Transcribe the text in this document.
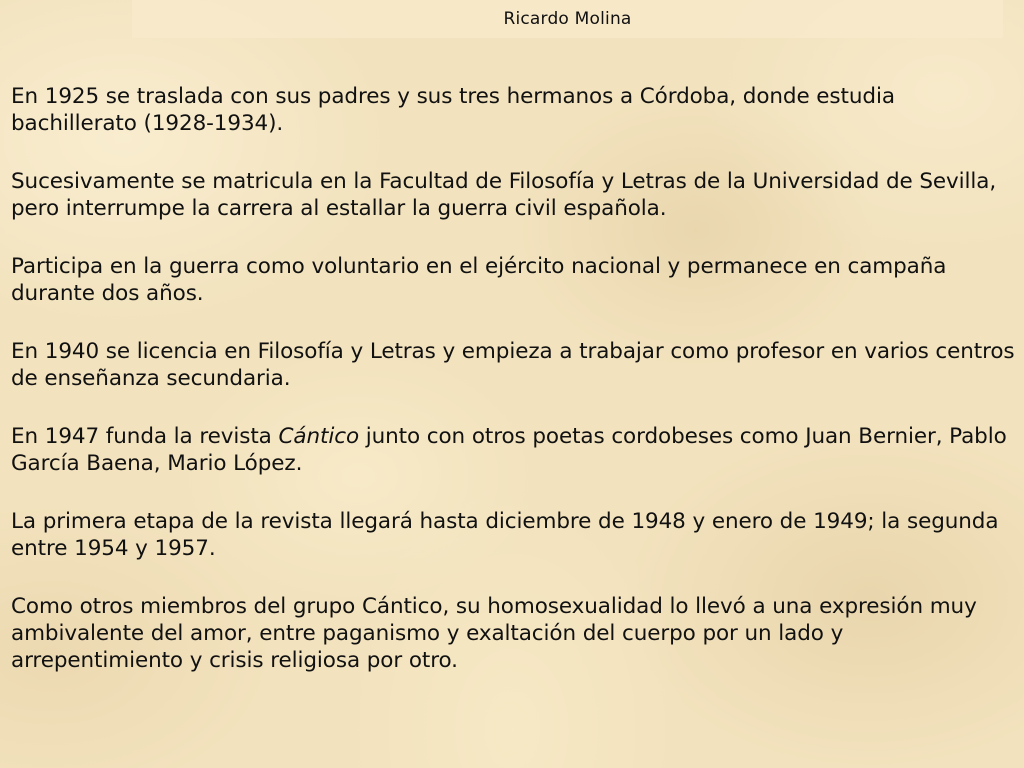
Ricardo Molina

En 1925 se traslada con sus padres y sus tres hermanos a Córdoba, donde estudia bachillerato (1928-1934).

Sucesivamente se matricula en la Facultad de Filosofía y Letras de la Universidad de Sevilla, pero interrumpe la carrera al estallar la guerra civil española.

Participa en la guerra como voluntario en el ejército nacional y permanece en campaña durante dos años.

En 1940 se licencia en Filosofía y Letras y empieza a trabajar como profesor en varios centros de enseñanza secundaria.

En 1947 funda la revista Cántico junto con otros poetas cordobeses como Juan Bernier, Pablo García Baena, Mario López.

La primera etapa de la revista llegará hasta diciembre de 1948 y enero de 1949; la segunda entre 1954 y 1957.

Como otros miembros del grupo Cántico, su homosexualidad lo llevó a una expresión muy ambivalente del amor, entre paganismo y exaltación del cuerpo por un lado y arrepentimiento y crisis religiosa por otro.
